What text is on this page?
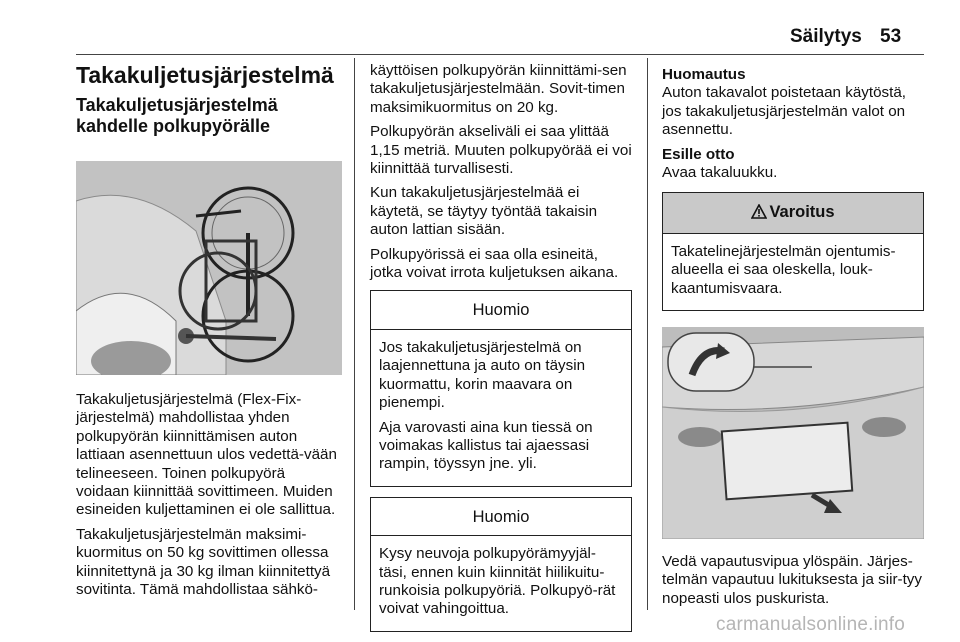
Säilytys 53
Takakuljetusjärjestelmä
Takakuljetusjärjestelmä kahdelle polkupyörälle

Takakuljetusjärjestelmä (Flex-Fix-järjestelmä) mahdollistaa yhden polkupyörän kiinnittämisen auton lattiaan asennettuun ulos vedettä-vään telineeseen. Toinen polkupyörä voidaan kiinnittää sovittimeen. Muiden esineiden kuljettaminen ei ole sallittua.

Takakuljetusjärjestelmän maksimi-kuormitus on 50 kg sovittimen ollessa kiinnitettynä ja 30 kg ilman kiinnitettyä sovitinta. Tämä mahdollistaa sähkö-

käyttöisen polkupyörän kiinnittämi-sen takakuljetusjärjestelmään. Sovit-timen maksimikuormitus on 20 kg.

Polkupyörän akseliväli ei saa ylittää 1,15 metriä. Muuten polkupyörää ei voi kiinnittää turvallisesti.

Kun takakuljetusjärjestelmää ei käytetä, se täytyy työntää takaisin auton lattian sisään.

Polkupyörissä ei saa olla esineitä, jotka voivat irrota kuljetuksen aikana.

Huomio

Jos takakuljetusjärjestelmä on laajennettuna ja auto on täysin kuormattu, korin maavara on pienempi.

Aja varovasti aina kun tiessä on voimakas kallistus tai ajaessasi rampin, töyssyn jne. yli.

Huomio

Kysy neuvoja polkupyörämyyjäl-täsi, ennen kuin kiinnität hiilikuitu-runkoisia polkupyöriä. Polkupyö-rät voivat vahingoittua.

Huomautus

Auton takavalot poistetaan käytöstä, jos takakuljetusjärjestelmän valot on asennettu.

Esille otto

Avaa takaluukku.

Varoitus

Takatelinejärjestelmän ojentumis-alueella ei saa oleskella, louk-kaantumisvaara.

Vedä vapautusvipua ylöspäin. Järjes-telmän vapautuu lukituksesta ja siir-tyy nopeasti ulos puskurista.

carmanualsonline.info
